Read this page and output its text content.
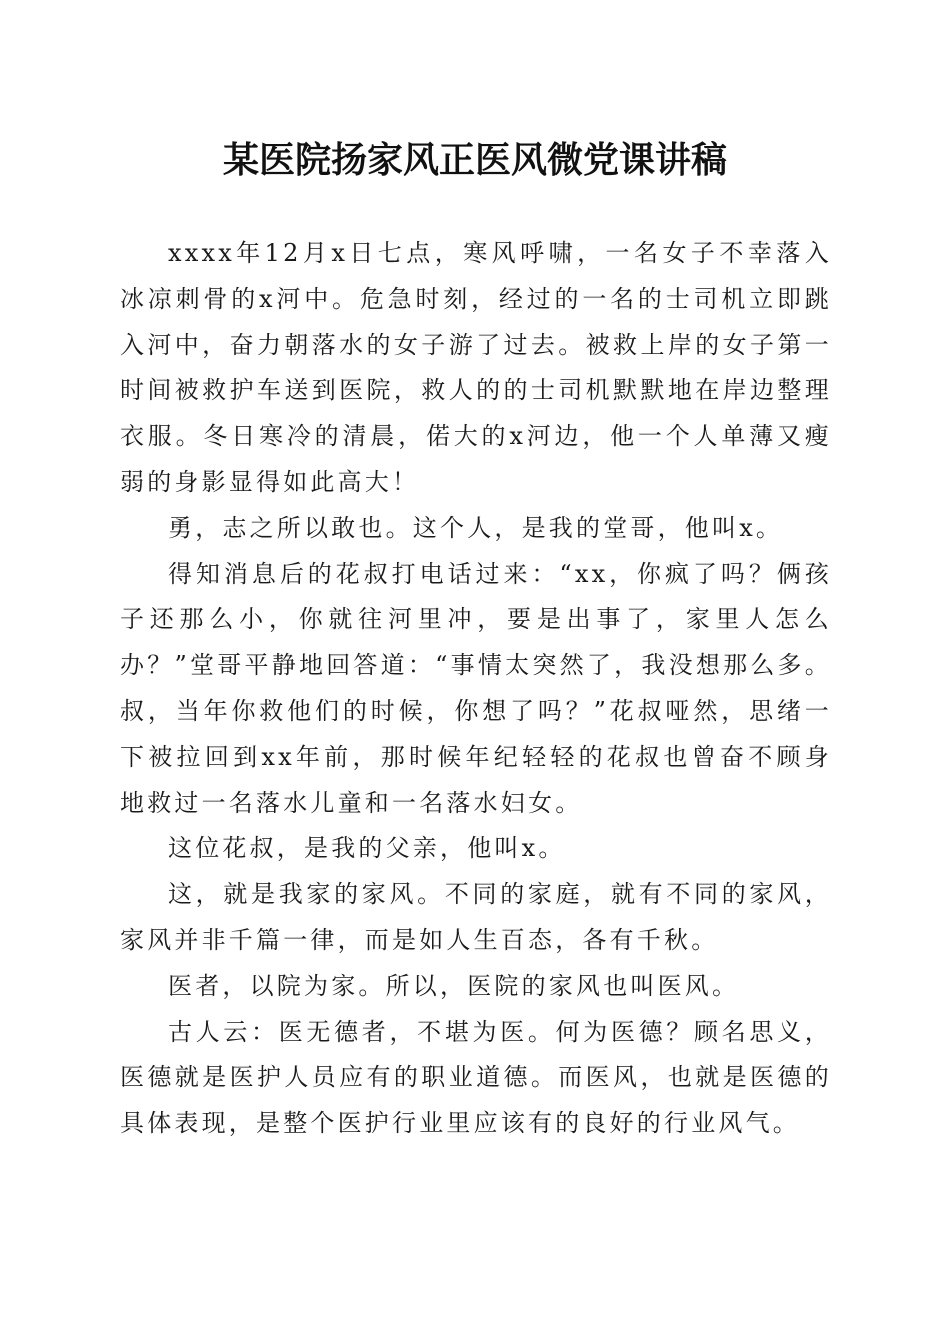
某医院扬家风正医风微党课讲稿

xxxx年12月x日七点，寒风呼啸，一名女子不幸落入冰凉刺骨的x河中。危急时刻，经过的一名的士司机立即跳入河中，奋力朝落水的女子游了过去。被救上岸的女子第一时间被救护车送到医院，救人的的士司机默默地在岸边整理衣服。冬日寒冷的清晨，偌大的x河边，他一个人单薄又瘦弱的身影显得如此高大！

勇，志之所以敢也。这个人，是我的堂哥，他叫x。

得知消息后的花叔打电话过来：“xx，你疯了吗？俩孩子还那么小，你就往河里冲，要是出事了，家里人怎么办？”堂哥平静地回答道：“事情太突然了，我没想那么多。叔，当年你救他们的时候，你想了吗？”花叔哑然，思绪一下被拉回到xx年前，那时候年纪轻轻的花叔也曾奋不顾身地救过一名落水儿童和一名落水妇女。

这位花叔，是我的父亲，他叫x。

这，就是我家的家风。不同的家庭，就有不同的家风，家风并非千篇一律，而是如人生百态，各有千秋。

医者，以院为家。所以，医院的家风也叫医风。

古人云：医无德者，不堪为医。何为医德？顾名思义，医德就是医护人员应有的职业道德。而医风，也就是医德的具体表现，是整个医护行业里应该有的良好的行业风气。
